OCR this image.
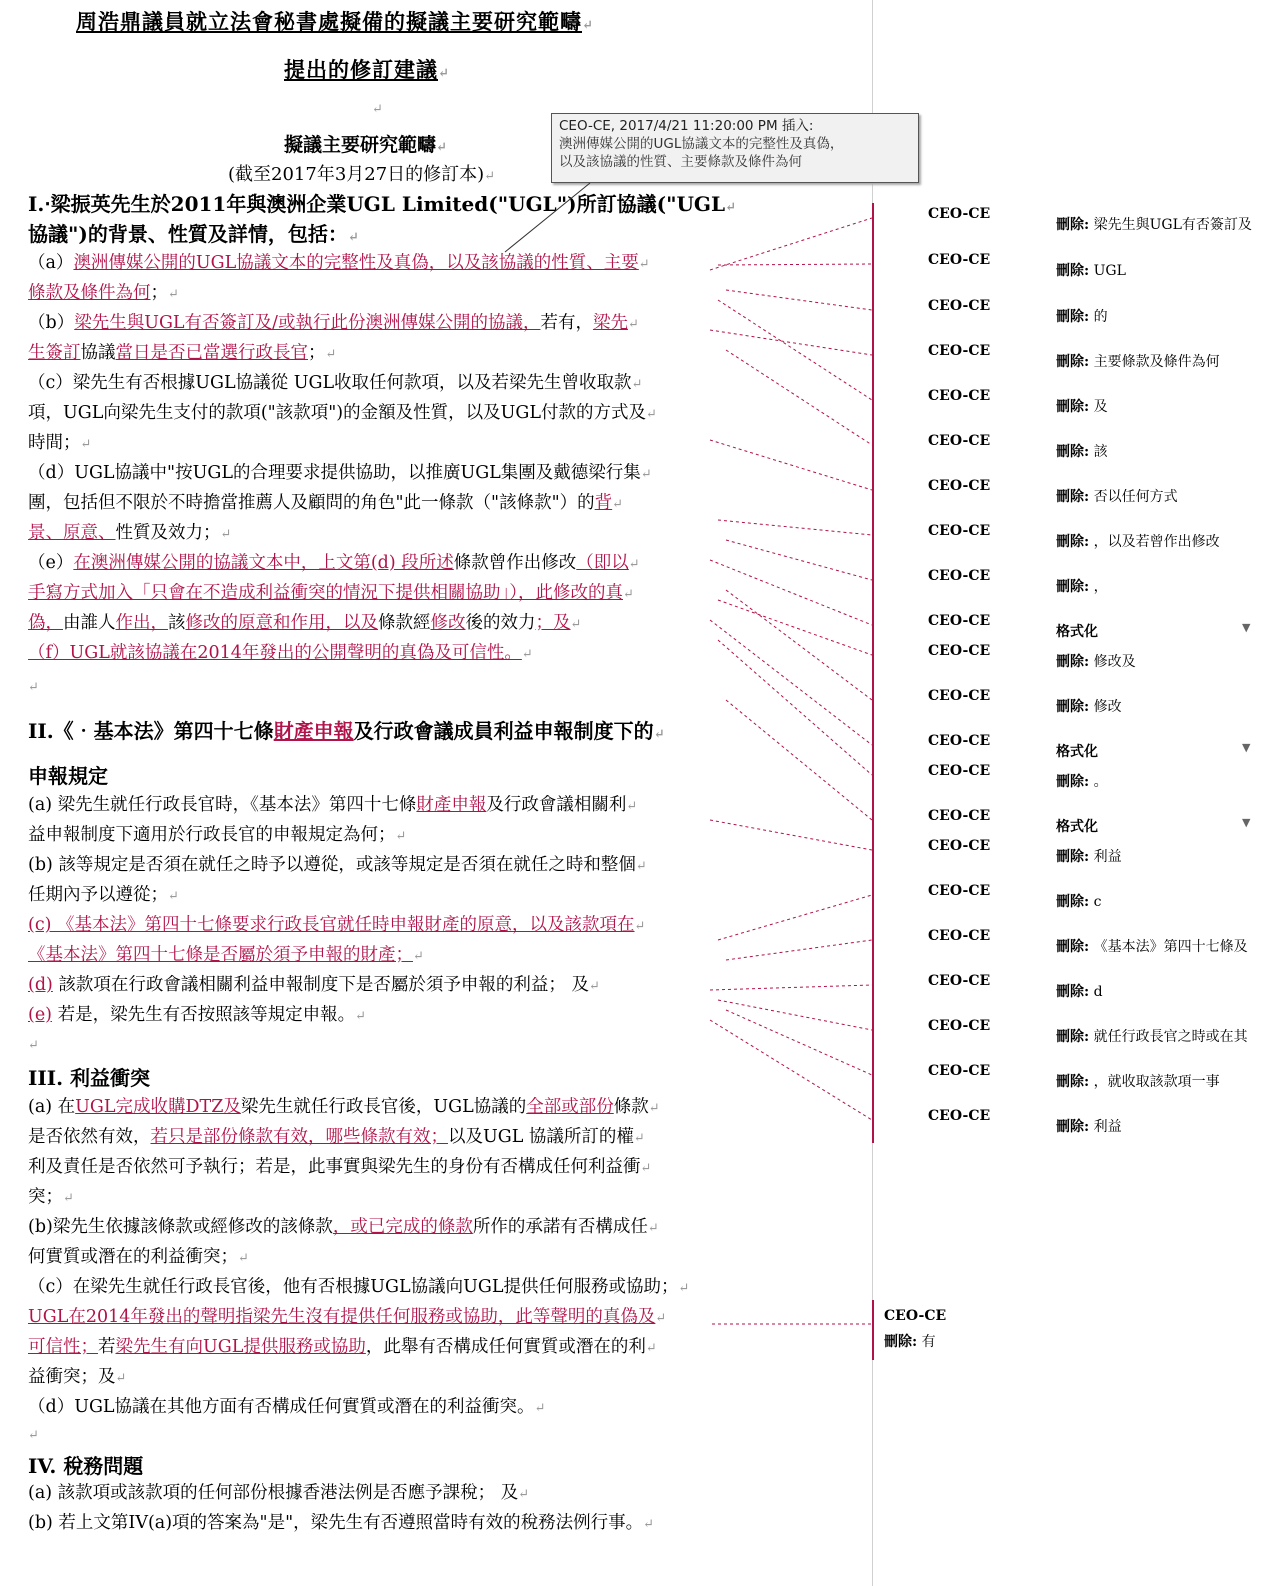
周浩鼎議員就立法會秘書處擬備的擬議主要研究範疇↵
提出的修訂建議↵
↵
擬議主要研究範疇↵
(截至2017年3月27日的修訂本)↵
CEO-CE, 2017/4/21 11:20:00 PM 插入:
澳洲傳媒公開的UGL協議文本的完整性及真偽，
以及該協議的性質、主要條款及條件為何
I.‧梁振英先生於2011年與澳洲企業UGL Limited("UGL")所訂協議("UGL↵
協議")的背景、性質及詳情，包括：↵
（a）澳洲傳媒公開的UGL協議文本的完整性及真偽，以及該協議的性質、主要↵
條款及條件為何；↵
（b）梁先生與UGL有否簽訂及/或執行此份澳洲傳媒公開的協議，若有，梁先↵
生簽訂協議當日是否已當選行政長官；↵
（c）梁先生有否根據UGL協議從 UGL收取任何款項，以及若梁先生曾收取款↵
項，UGL向梁先生支付的款項("該款項")的金額及性質，以及UGL付款的方式及↵
時間；↵
（d）UGL協議中"按UGL的合理要求提供協助，以推廣UGL集團及戴德梁行集↵
團，包括但不限於不時擔當推薦人及顧問的角色"此一條款（"該條款"）的背↵
景、原意、性質及效力；↵
（e）在澳洲傳媒公開的協議文本中，上文第(d) 段所述條款曾作出修改（即以↵
手寫方式加入「只會在不造成利益衝突的情況下提供相關協助」），此修改的真↵
偽，由誰人作出，該修改的原意和作用，以及條款經修改後的效力；及↵
（f）UGL就該協議在2014年發出的公開聲明的真偽及可信性。↵
↵
II.《‧基本法》第四十七條財產申報及行政會議成員利益申報制度下的↵
申報規定
(a) 梁先生就任行政長官時，《基本法》第四十七條財產申報及行政會議相關利↵
益申報制度下適用於行政長官的申報規定為何；↵
(b) 該等規定是否須在就任之時予以遵從，或該等規定是否須在就任之時和整個↵
任期內予以遵從；↵
(c) 《基本法》第四十七條要求行政長官就任時申報財產的原意，以及該款項在↵
《基本法》第四十七條是否屬於須予申報的財產；↵
(d) 該款項在行政會議相關利益申報制度下是否屬於須予申報的利益； 及↵
(e) 若是，梁先生有否按照該等規定申報。↵
↵
III. 利益衝突
(a) 在UGL完成收購DTZ及梁先生就任行政長官後，UGL協議的全部或部份條款↵
是否依然有效，若只是部份條款有效，哪些條款有效；以及UGL 協議所訂的權↵
利及責任是否依然可予執行；若是，此事實與梁先生的身份有否構成任何利益衝↵
突；↵
(b)梁先生依據該條款或經修改的該條款，或已完成的條款所作的承諾有否構成任↵
何實質或潛在的利益衝突；↵
（c）在梁先生就任行政長官後，他有否根據UGL協議向UGL提供任何服務或協助；↵
UGL在2014年發出的聲明指梁先生沒有提供任何服務或協助，此等聲明的真偽及↵
可信性；若梁先生有向UGL提供服務或協助，此舉有否構成任何實質或潛在的利↵
益衝突；及↵
（d）UGL協議在其他方面有否構成任何實質或潛在的利益衝突。↵
↵
IV. 稅務問題
(a) 該款項或該款項的任何部份根據香港法例是否應予課稅； 及↵
(b) 若上文第IV(a)項的答案為"是"，梁先生有否遵照當時有效的稅務法例行事。↵
CEO-CE
刪除: 梁先生與UGL有否簽訂及
CEO-CE
刪除: UGL
CEO-CE
刪除: 的
CEO-CE
刪除: 主要條款及條件為何
CEO-CE
刪除: 及
CEO-CE
刪除: 該
CEO-CE
刪除: 否以任何方式
CEO-CE
刪除: ，以及若曾作出修改
CEO-CE
刪除: ，
CEO-CE
格式化	▼
CEO-CE
刪除: 修改及
CEO-CE
刪除: 修改
CEO-CE
格式化	▼
CEO-CE
刪除: 。
CEO-CE
格式化	▼
CEO-CE
刪除: 利益
CEO-CE
刪除: c
CEO-CE
刪除: 《基本法》第四十七條及
CEO-CE
刪除: d
CEO-CE
刪除: 就任行政長官之時或在其
CEO-CE
刪除: ，就收取該款項一事
CEO-CE
刪除: 利益
CEO-CE
刪除: 有
